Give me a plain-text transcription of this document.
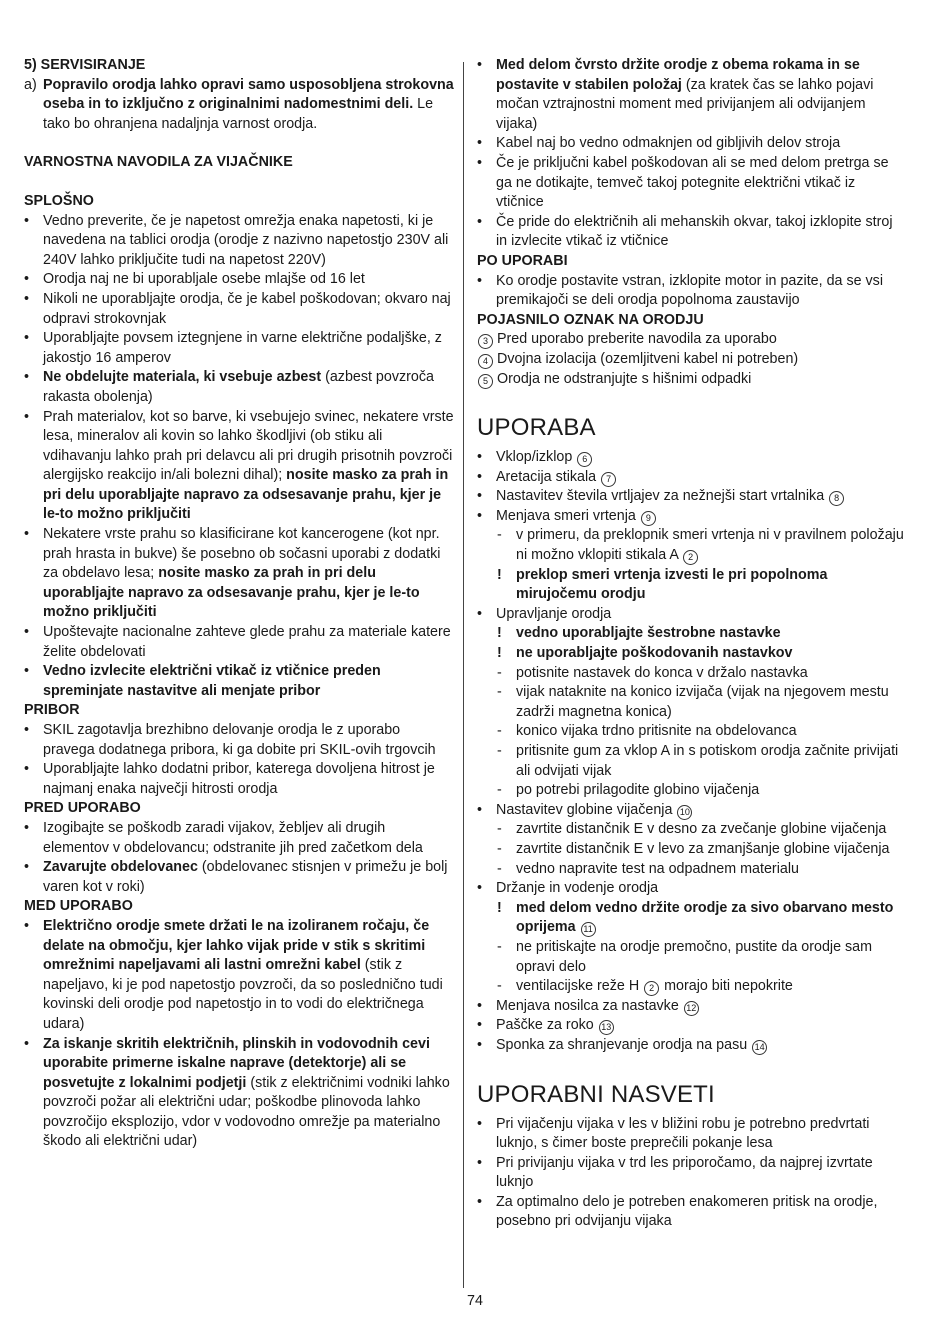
5) SERVISIRANJE
a) Popravilo orodja lahko opravi samo usposobljena strokovna oseba in to izključno z originalnimi nadomestnimi deli. Le tako bo ohranjena nadaljnja varnost orodja.
VARNOSTNA NAVODILA ZA VIJAČNIKE
SPLOŠNO
• Vedno preverite, če je napetost omrežja enaka napetosti, ki je navedena na tablici orodja (orodje z nazivno napetostjo 230V ali 240V lahko priključite tudi na napetost 220V)
• Orodja naj ne bi uporabljale osebe mlajše od 16 let
• Nikoli ne uporabljajte orodja, če je kabel poškodovan; okvaro naj odpravi strokovnjak
• Uporabljajte povsem iztegnjene in varne električne podaljške, z jakostjo 16 amperov
• Ne obdelujte materiala, ki vsebuje azbest (azbest povzroča rakasta obolenja)
• Prah materialov, kot so barve, ki vsebujejo svinec, nekatere vrste lesa, mineralov ali kovin so lahko škodljivi (ob stiku ali vdihavanju lahko prah pri delavcu ali pri drugih prisotnih povzroči alergijsko reakcijo in/ali bolezni dihal); nosite masko za prah in pri delu uporabljajte napravo za odsesavanje prahu, kjer je le-to možno priključiti
• Nekatere vrste prahu so klasificirane kot kancerogene (kot npr. prah hrasta in bukve) še posebno ob sočasni uporabi z dodatki za obdelavo lesa; nosite masko za prah in pri delu uporabljajte napravo za odsesavanje prahu, kjer je le-to možno priključiti
• Upoštevajte nacionalne zahteve glede prahu za materiale katere želite obdelovati
• Vedno izvlecite električni vtikač iz vtičnice preden spreminjate nastavitve ali menjate pribor
PRIBOR
• SKIL zagotavlja brezhibno delovanje orodja le z uporabo pravega dodatnega pribora, ki ga dobite pri SKIL-ovih trgovcih
• Uporabljajte lahko dodatni pribor, katerega dovoljena hitrost je najmanj enaka največji hitrosti orodja
PRED UPORABO
• Izogibajte se poškodb zaradi vijakov, žebljev ali drugih elementov v obdelovancu; odstranite jih pred začetkom dela
• Zavarujte obdelovanec (obdelovanec stisnjen v primežu je bolj varen kot v roki)
MED UPORABO
• Električno orodje smete držati le na izoliranem ročaju, če delate na območju, kjer lahko vijak pride v stik s skritimi omrežnimi napeljavami ali lastni omrežni kabel (stik z napeljavo, ki je pod napetostjo povzroči, da so poslednično tudi kovinski deli orodje pod napetostjo in to vodi do električnega udara)
• Za iskanje skritih električnih, plinskih in vodovodnih cevi uporabite primerne iskalne naprave (detektorje) ali se posvetujte z lokalnimi podjetji (stik z električnimi vodniki lahko povzroči požar ali električni udar; poškodbe plinovoda lahko povzročijo eksplozijo, vdor v vodovodno omrežje pa materialno škodo ali električni udar)
• Med delom čvrsto držite orodje z obema rokama in se postavite v stabilen položaj (za kratek čas se lahko pojavi močan vztrajnostni moment med privijanjem ali odvijanjem vijaka)
• Kabel naj bo vedno odmaknjen od gibljivih delov stroja
• Če je priključni kabel poškodovan ali se med delom pretrga se ga ne dotikajte, temveč takoj potegnite električni vtikač iz vtičnice
• Če pride do električnih ali mehanskih okvar, takoj izklopite stroj in izvlecite vtikač iz vtičnice
PO UPORABI
• Ko orodje postavite vstran, izklopite motor in pazite, da se vsi premikajoči se deli orodja popolnoma zaustavijo
POJASNILO OZNAK NA ORODJU
3 Pred uporabo preberite navodila za uporabo
4 Dvojna izolacija (ozemljitveni kabel ni potreben)
5 Orodja ne odstranjujte s hišnimi odpadki
UPORABA
• Vklop/izklop 6
• Aretacija stikala 7
• Nastavitev števila vrtljajev za nežnejši start vrtalnika 8
• Menjava smeri vrtenja 9
- v primeru, da preklopnik smeri vrtenja ni v pravilnem položaju ni možno vklopiti stikala A 2
! preklop smeri vrtenja izvesti le pri popolnoma mirujočemu orodju
• Upravljanje orodja
! vedno uporabljajte šestrobne nastavke
! ne uporabljajte poškodovanih nastavkov
- potisnite nastavek do konca v držalo nastavka
- vijak nataknite na konico izvijača (vijak na njegovem mestu zadrži magnetna konica)
- konico vijaka trdno pritisnite na obdelovanca
- pritisnite gum za vklop A in s potiskom orodja začnite privijati ali odvijati vijak
- po potrebi prilagodite globino vijačenja
• Nastavitev globine vijačenja 10
- zavrtite distančnik E v desno za zvečanje globine vijačenja
- zavrtite distančnik E v levo za zmanjšanje globine vijačenja
- vedno napravite test na odpadnem materialu
• Držanje in vodenje orodja
! med delom vedno držite orodje za sivo obarvano mesto oprijema 11
- ne pritiskajte na orodje premočno, pustite da orodje sam opravi delo
- ventilacijske reže H 2 morajo biti nepokrite
• Menjava nosilca za nastavke 12
• Paščke za roko 13
• Sponka za shranjevanje orodja na pasu 14
UPORABNI NASVETI
• Pri vijačenju vijaka v les v bližini robu je potrebno predvrtati luknjo, s čimer boste preprečili pokanje lesa
• Pri privijanju vijaka v trd les priporočamo, da najprej izvrtate luknjo
• Za optimalno delo je potreben enakomeren pritisk na orodje, posebno pri odvijanju vijaka
74
